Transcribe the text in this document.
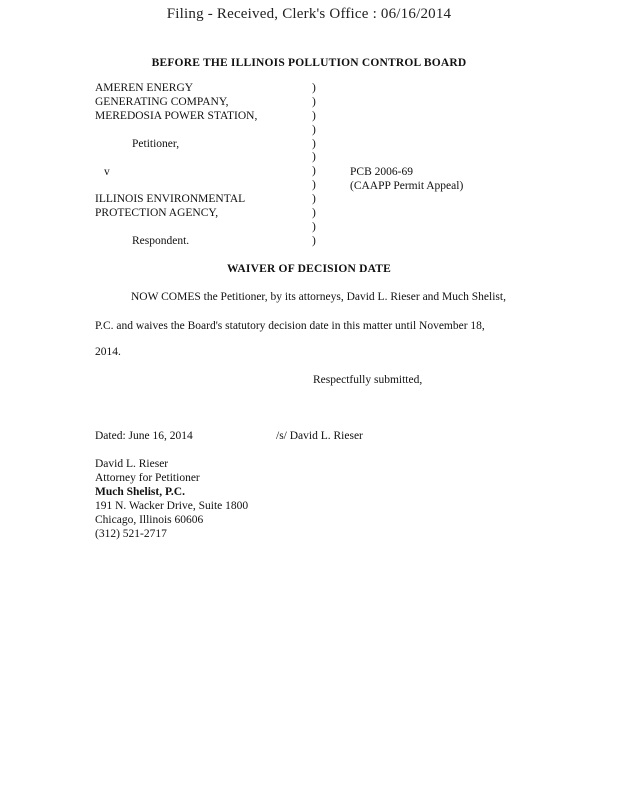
Filing - Received, Clerk's Office : 06/16/2014
BEFORE THE ILLINOIS POLLUTION CONTROL BOARD
AMEREN ENERGY
GENERATING COMPANY,
MEREDOSIA POWER STATION,
Petitioner,
v
ILLINOIS ENVIRONMENTAL
PROTECTION AGENCY,
Respondent.
)
)
)
)
)
)
)
)
)
)
)
)
PCB 2006-69
(CAAPP Permit Appeal)
WAIVER OF DECISION DATE
NOW COMES the Petitioner, by its attorneys, David L. Rieser and Much Shelist,
P.C. and waives the Board's statutory decision date in this matter until November 18,
2014.
Respectfully submitted,
Dated: June 16, 2014	/s/ David L. Rieser
David L. Rieser
Attorney for Petitioner
Much Shelist, P.C.
191 N. Wacker Drive, Suite 1800
Chicago, Illinois 60606
(312) 521-2717
